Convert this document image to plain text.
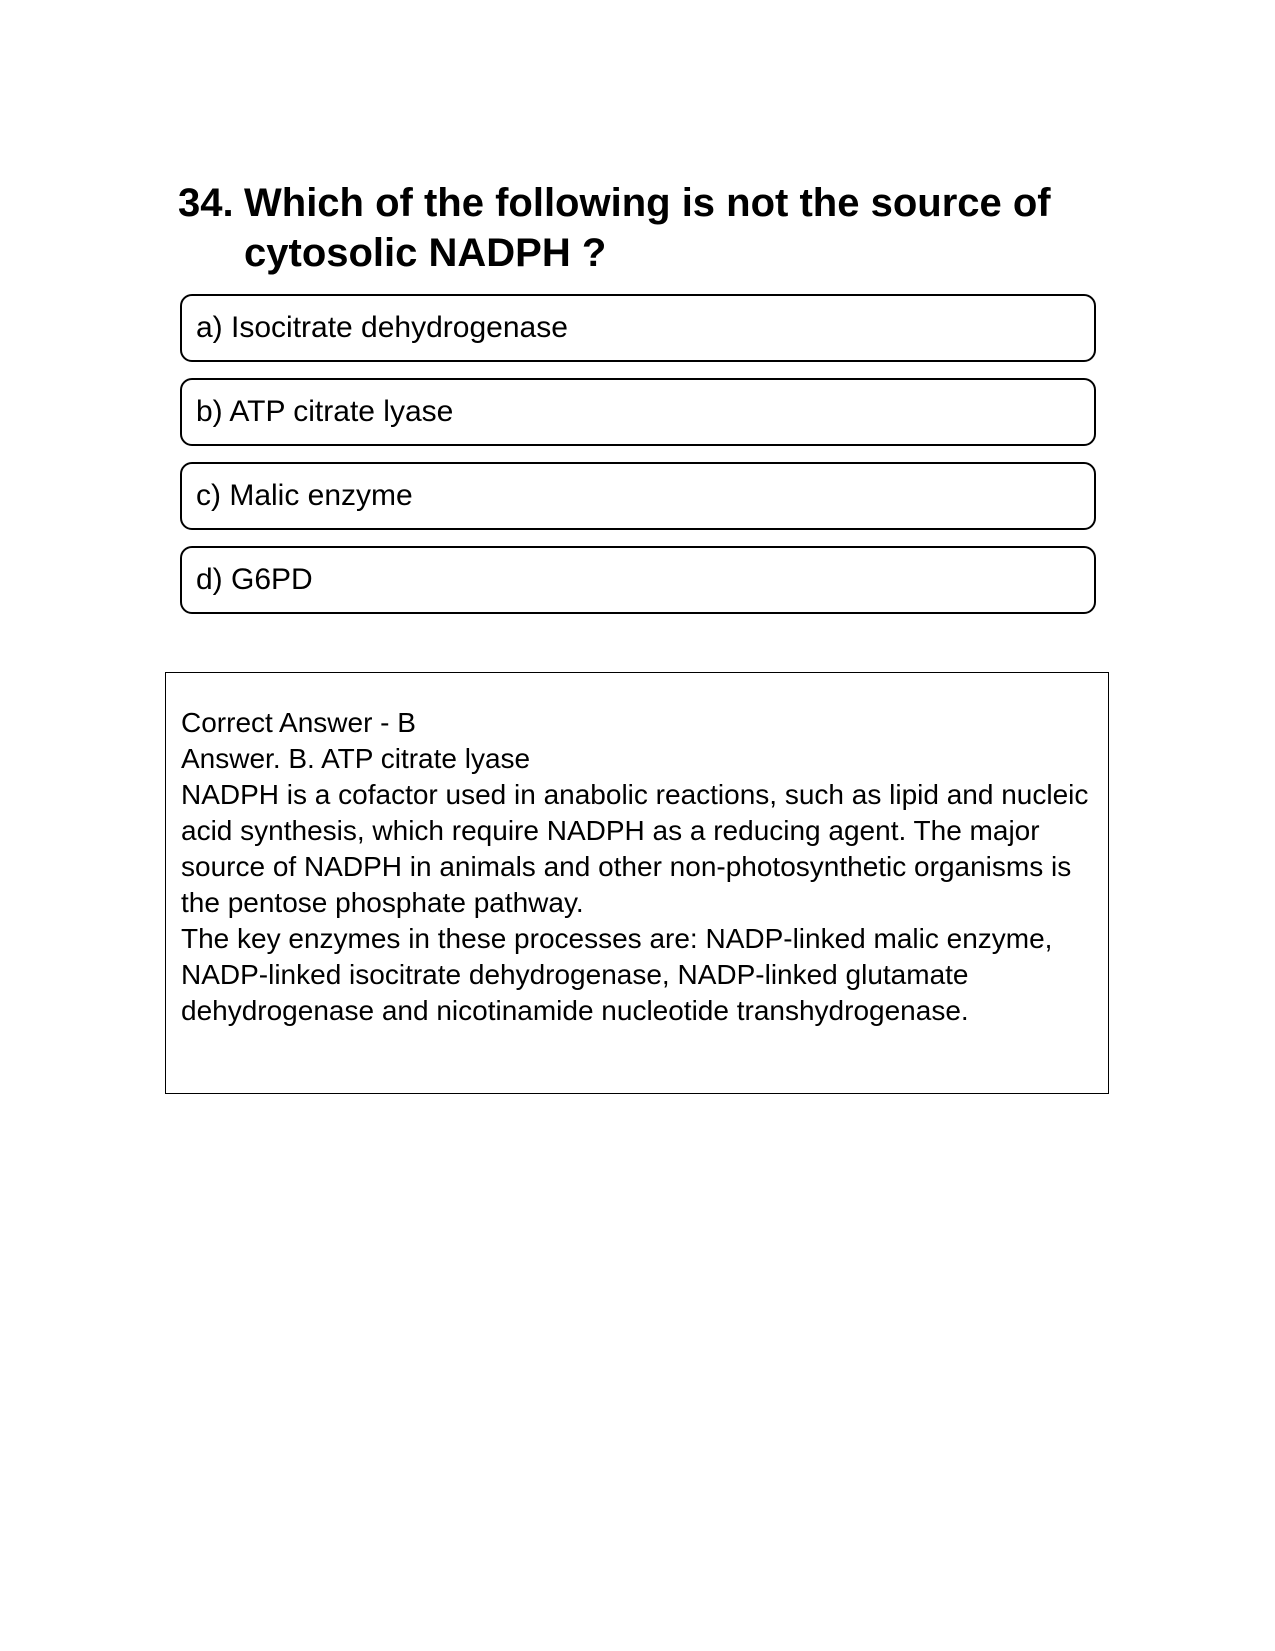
34. Which of the following is not the source of cytosolic NADPH ?
a) Isocitrate dehydrogenase
b) ATP citrate lyase
c) Malic enzyme
d) G6PD

Correct Answer - B

Answer. B. ATP citrate lyase

NADPH is a cofactor used in anabolic reactions, such as lipid and nucleic acid synthesis, which require NADPH as a reducing agent. The major source of NADPH in animals and other non-photosynthetic organisms is the pentose phosphate pathway.

The key enzymes in these processes are: NADP-linked malic enzyme, NADP-linked isocitrate dehydrogenase, NADP-linked glutamate dehydrogenase and nicotinamide nucleotide transhydrogenase.
